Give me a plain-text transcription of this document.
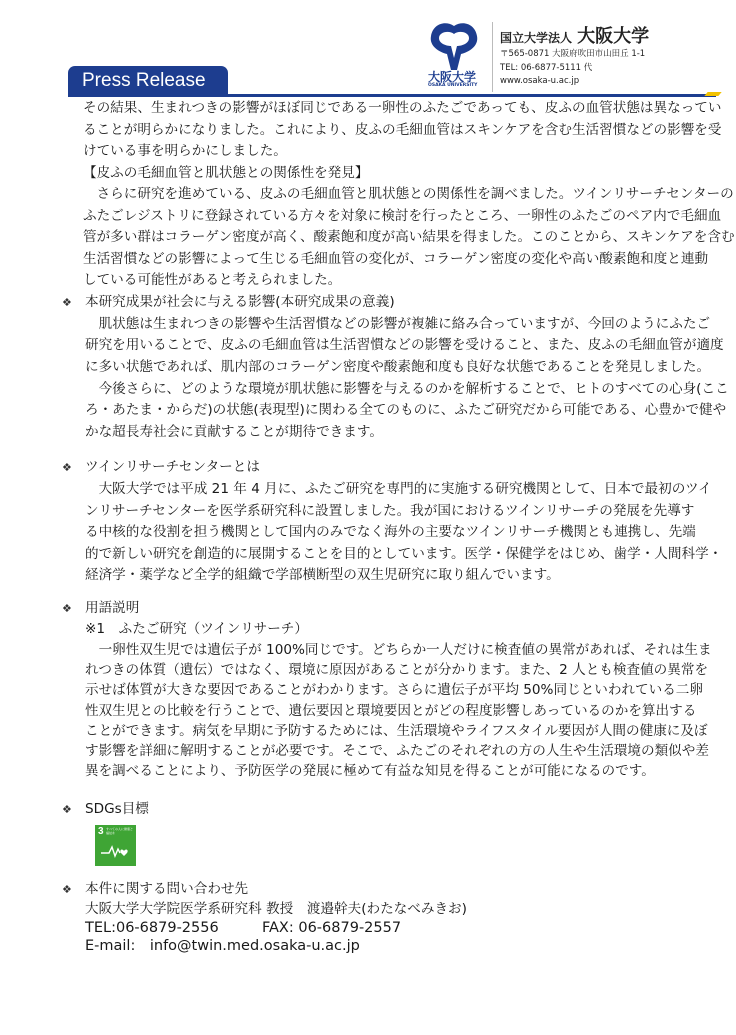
大阪大学
OSAKA UNIVERSITY
国立大学法人 大阪大学
〒565-0871 大阪府吹田市山田丘 1-1
TEL: 06-6877-5111 代
www.osaka-u.ac.jp
Press Release
その結果、生まれつきの影響がほぼ同じである一卵性のふたごであっても、皮ふの血管状態は異なってい
ることが明らかになりました。これにより、皮ふの毛細血管はスキンケアを含む生活習慣などの影響を受
けている事を明らかにしました。
【皮ふの毛細血管と肌状態との関係性を発見】
　さらに研究を進めている、皮ふの毛細血管と肌状態との関係性を調べました。ツインリサーチセンターの
ふたごレジストリに登録されている方々を対象に検討を行ったところ、一卵性のふたごのペア内で毛細血
管が多い群はコラーゲン密度が高く、酸素飽和度が高い結果を得ました。このことから、スキンケアを含む
生活習慣などの影響によって生じる毛細血管の変化が、コラーゲン密度の変化や高い酸素飽和度と連動
している可能性があると考えられました。
❖ 本研究成果が社会に与える影響(本研究成果の意義)
　肌状態は生まれつきの影響や生活習慣などの影響が複雑に絡み合っていますが、今回のようにふたご
研究を用いることで、皮ふの毛細血管は生活習慣などの影響を受けること、また、皮ふの毛細血管が適度
に多い状態であれば、肌内部のコラーゲン密度や酸素飽和度も良好な状態であることを発見しました。
　今後さらに、どのような環境が肌状態に影響を与えるのかを解析することで、ヒトのすべての心身(ここ
ろ・あたま・からだ)の状態(表現型)に関わる全てのものに、ふたご研究だから可能である、心豊かで健や
かな超長寿社会に貢献することが期待できます。
❖ ツインリサーチセンターとは
　大阪大学では平成 21 年 4 月に、ふたご研究を専門的に実施する研究機関として、日本で最初のツイ
ンリサーチセンターを医学系研究科に設置しました。我が国におけるツインリサーチの発展を先導す
る中核的な役割を担う機関として国内のみでなく海外の主要なツインリサーチ機関とも連携し、先端
的で新しい研究を創造的に展開することを目的としています。医学・保健学をはじめ、歯学・人間科学・
経済学・薬学など全学的組織で学部横断型の双生児研究に取り組んでいます。
❖ 用語説明
※1　ふたご研究（ツインリサーチ）
　一卵性双生児では遺伝子が 100%同じです。どちらか一人だけに検査値の異常があれば、それは生ま
れつきの体質（遺伝）ではなく、環境に原因があることが分かります。また、2 人とも検査値の異常を
示せば体質が大きな要因であることがわかります。さらに遺伝子が平均 50%同じといわれている二卵
性双生児との比較を行うことで、遺伝要因と環境要因とがどの程度影響しあっているのかを算出する
ことができます。病気を早期に予防するためには、生活環境やライフスタイル要因が人間の健康に及ぼ
す影響を詳細に解明することが必要です。そこで、ふたごのそれぞれの方の人生や生活環境の類似や差
異を調べることにより、予防医学の発展に極めて有益な知見を得ることが可能になるのです。
❖ SDGs目標
3 すべての人に健康と福祉を
❖ 本件に関する問い合わせ先
大阪大学大学院医学系研究科 教授　渡邉幹夫(わたなべみきお)
TEL:06-6879-2556	FAX: 06-6879-2557
E-mail:　info@twin.med.osaka-u.ac.jp
